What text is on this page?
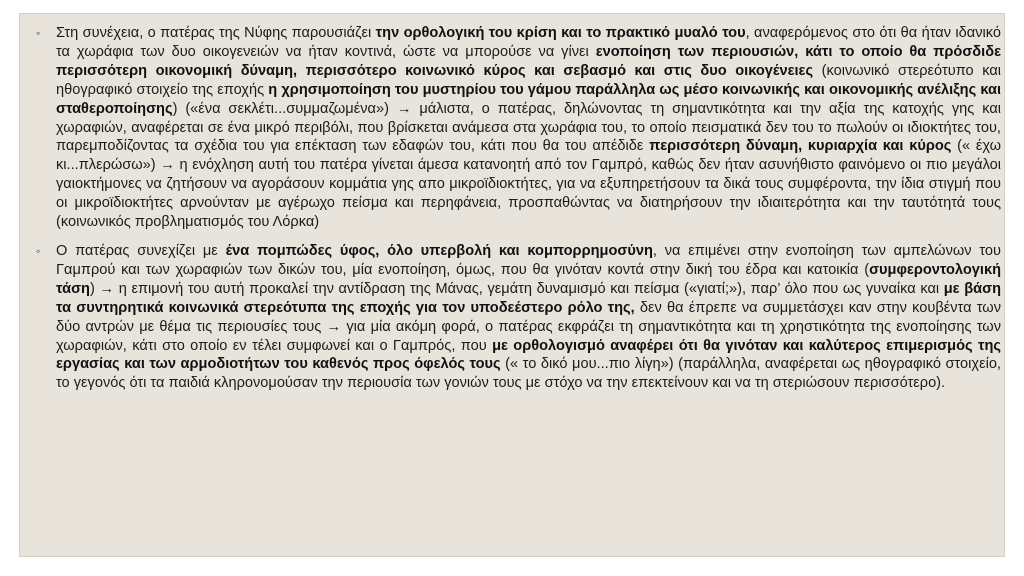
◦ Στη συνέχεια, ο πατέρας της Νύφης παρουσιάζει την ορθολογική του κρίση και το πρακτικό μυαλό του, αναφερόμενος στο ότι θα ήταν ιδανικό τα χωράφια των δυο οικογενειών να ήταν κοντινά, ώστε να μπορούσε να γίνει ενοποίηση των περιουσιών, κάτι το οποίο θα πρόσδιδε περισσότερη οικονομική δύναμη, περισσότερο κοινωνικό κύρος και σεβασμό και στις δυο οικογένειες (κοινωνικό στερεότυπο και ηθογραφικό στοιχείο της εποχής η χρησιμοποίηση του μυστηρίου του γάμου παράλληλα ως μέσο κοινωνικής και οικονομικής ανέλιξης και σταθεροποίησης) («ένα σεκλέτι...συμμαζωμένα») → μάλιστα, ο πατέρας, δηλώνοντας τη σημαντικότητα και την αξία της κατοχής γης και χωραφιών, αναφέρεται σε ένα μικρό περιβόλι, που βρίσκεται ανάμεσα στα χωράφια του, το οποίο πεισματικά δεν του το πωλούν οι ιδιοκτήτες του, παρεμποδίζοντας τα σχέδια του για επέκταση των εδαφών του, κάτι που θα του απέδιδε περισσότερη δύναμη, κυριαρχία και κύρος (« έχω κι...πλερώσω») → η ενόχληση αυτή του πατέρα γίνεται άμεσα κατανοητή από τον Γαμπρό, καθώς δεν ήταν ασυνήθιστο φαινόμενο οι πιο μεγάλοι γαιοκτήμονες να ζητήσουν να αγοράσουν κομμάτια γης απο μικροϊδιοκτήτες, για να εξυπηρετήσουν τα δικά τους συμφέροντα, την ίδια στιγμή που οι μικροϊδιοκτήτες αρνούνταν με αγέρωχο πείσμα και περηφάνεια, προσπαθώντας να διατηρήσουν την ιδιαιτερότητα και την ταυτότητά τους (κοινωνικός προβληματισμός του Λόρκα)
◦ Ο πατέρας συνεχίζει με ένα πομπώδες ύφος, όλο υπερβολή και κομπορρημοσύνη, να επιμένει στην ενοποίηση των αμπελώνων του Γαμπρού και των χωραφιών των δικών του, μία ενοποίηση, όμως, που θα γινόταν κοντά στην δική του έδρα και κατοικία (συμφεροντολογική τάση) → η επιμονή του αυτή προκαλεί την αντίδραση της Μάνας, γεμάτη δυναμισμό και πείσμα («γιατί;»), παρ’ όλο που ως γυναίκα και με βάση τα συντηρητικά κοινωνικά στερεότυπα της εποχής για τον υποδεέστερο ρόλο της, δεν θα έπρεπε να συμμετάσχει καν στην κουβέντα των δύο αντρών με θέμα τις περιουσίες τους → για μία ακόμη φορά, ο πατέρας εκφράζει τη σημαντικότητα και τη χρηστικότητα της ενοποίησης των χωραφιών, κάτι στο οποίο εν τέλει συμφωνεί και ο Γαμπρός, που με ορθολογισμό αναφέρει ότι θα γινόταν και καλύτερος επιμερισμός της εργασίας και των αρμοδιοτήτων του καθενός προς όφελός τους (« το δικό μου...πιο λίγη») (παράλληλα, αναφέρεται ως ηθογραφικό στοιχείο, το γεγονός ότι τα παιδιά κληρονομούσαν την περιουσία των γονιών τους με στόχο να την επεκτείνουν και να τη στεριώσουν περισσότερο).
